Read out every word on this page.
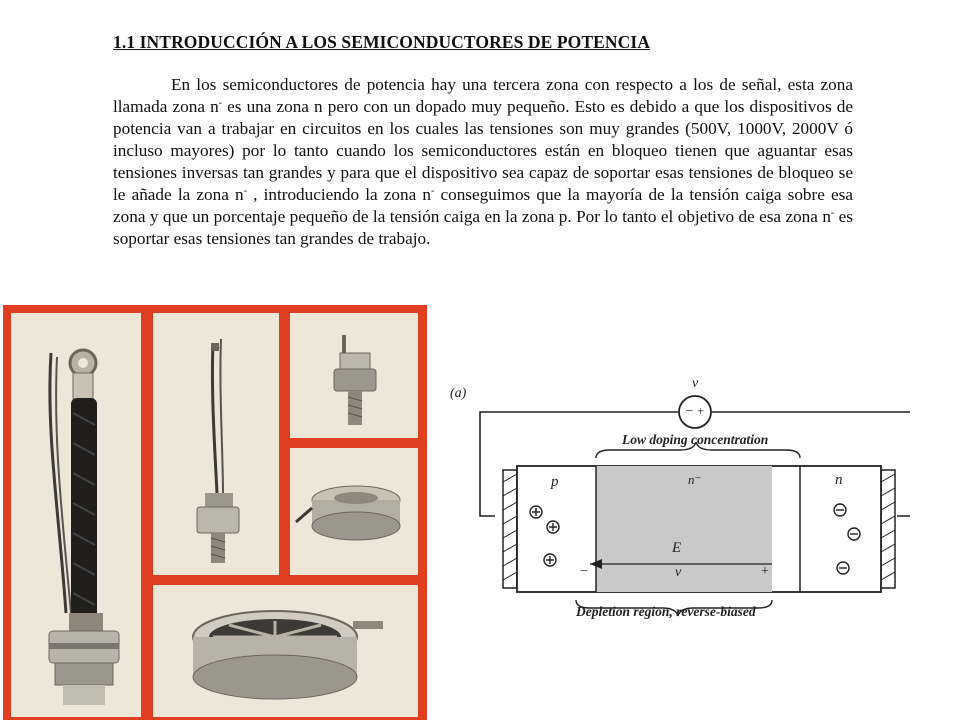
1.1 INTRODUCCIÓN A LOS SEMICONDUCTORES DE POTENCIA
En los semiconductores de potencia hay una tercera zona con respecto a los de señal, esta zona llamada zona n- es una zona n pero con un dopado muy pequeño. Esto es debido a que los dispositivos de potencia van a trabajar en circuitos en los cuales las tensiones son muy grandes (500V, 1000V, 2000V ó incluso mayores) por lo tanto cuando los semiconductores están en bloqueo tienen que aguantar esas tensiones inversas tan grandes y para que el dispositivo sea capaz de soportar esas tensiones de bloqueo se le añade la zona n- , introduciendo la zona n- conseguimos que la mayoría de la tensión caiga sobre esa zona y que un porcentaje pequeño de la tensión caiga en la zona p. Por lo tanto el objetivo de esa zona n- es soportar esas tensiones tan grandes de trabajo.
(a)
v
− +
Low doping concentration
p	n⁻	n
E
v
−	+
Depletion region, reverse-biased
